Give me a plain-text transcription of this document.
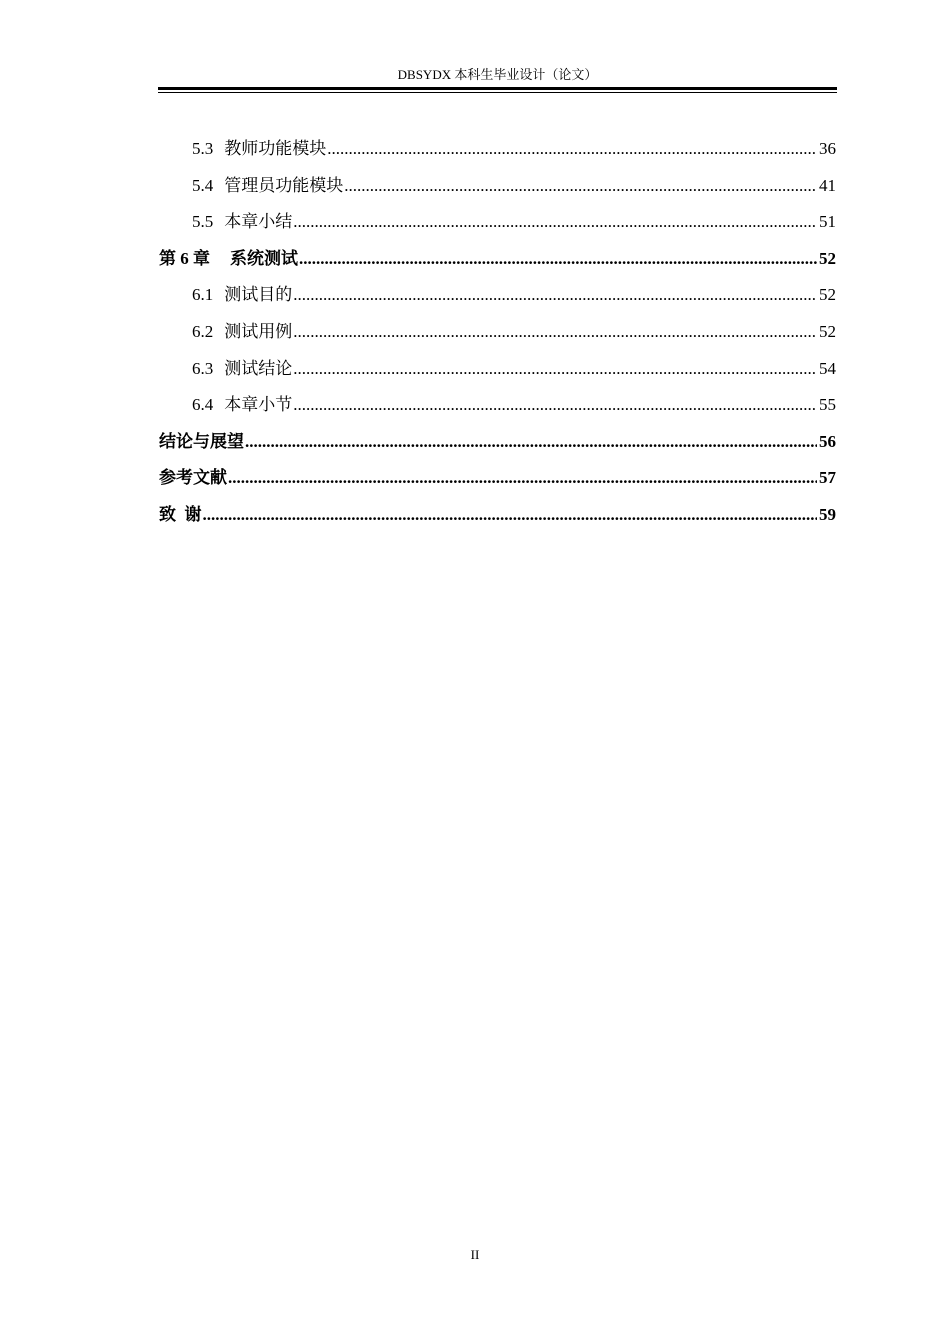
DBSYDX 本科生毕业设计（论文）
5.3 教师功能模块 .....	36
5.4 管理员功能模块 .....	41
5.5 本章小结 .....	51
第 6 章 系统测试 .....	52
6.1 测试目的 .....	52
6.2 测试用例 .....	52
6.3 测试结论 .....	54
6.4 本章小节 .....	55
结论与展望 .....	56
参考文献 .....	57
致  谢 .....	59
II
